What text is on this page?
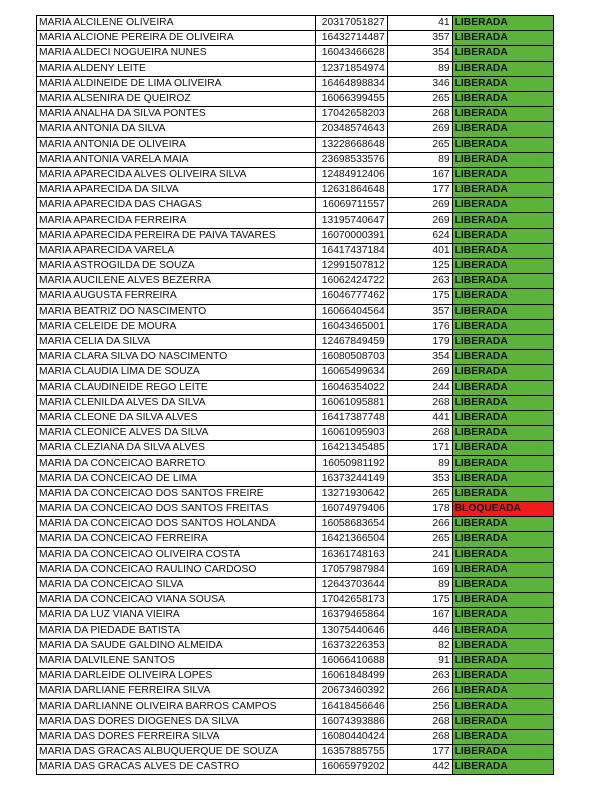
MARIA ALCILENE OLIVEIRA	20317051827	41	LIBERADA
MARIA ALCIONE PEREIRA DE OLIVEIRA	16432714487	357	LIBERADA
MARIA ALDECI NOGUEIRA NUNES	16043466628	354	LIBERADA
MARIA ALDENY LEITE	12371854974	89	LIBERADA
MARIA ALDINEIDE DE LIMA OLIVEIRA	16464898834	346	LIBERADA
MARIA ALSENIRA DE QUEIROZ	16066399455	265	LIBERADA
MARIA ANALHA DA SILVA PONTES	17042658203	268	LIBERADA
MARIA ANTONIA DA SILVA	20348574643	269	LIBERADA
MARIA ANTONIA DE OLIVEIRA	13228668648	265	LIBERADA
MARIA ANTONIA VARELA MAIA	23698533576	89	LIBERADA
MARIA APARECIDA ALVES OLIVEIRA SILVA	12484912406	167	LIBERADA
MARIA APARECIDA DA SILVA	12631864648	177	LIBERADA
MARIA APARECIDA DAS CHAGAS	16069711557	269	LIBERADA
MARIA APARECIDA FERREIRA	13195740647	269	LIBERADA
MARIA APARECIDA PEREIRA DE PAIVA TAVARES	16070000391	624	LIBERADA
MARIA APARECIDA VARELA	16417437184	401	LIBERADA
MARIA ASTROGILDA DE SOUZA	12991507812	125	LIBERADA
MARIA AUCILENE ALVES BEZERRA	16062424722	263	LIBERADA
MARIA AUGUSTA FERREIRA	16046777462	175	LIBERADA
MARIA BEATRIZ DO NASCIMENTO	16066404564	357	LIBERADA
MARIA CELEIDE DE MOURA	16043465001	176	LIBERADA
MARIA CELIA DA SILVA	12467849459	179	LIBERADA
MARIA CLARA SILVA DO NASCIMENTO	16080508703	354	LIBERADA
MARIA CLAUDIA LIMA DE SOUZA	16065499634	269	LIBERADA
MARIA CLAUDINEIDE REGO LEITE	16046354022	244	LIBERADA
MARIA CLENILDA ALVES DA SILVA	16061095881	268	LIBERADA
MARIA CLEONE DA SILVA ALVES	16417387748	441	LIBERADA
MARIA CLEONICE ALVES DA SILVA	16061095903	268	LIBERADA
MARIA CLEZIANA DA SILVA ALVES	16421345485	171	LIBERADA
MARIA DA CONCEICAO BARRETO	16050981192	89	LIBERADA
MARIA DA CONCEICAO DE LIMA	16373244149	353	LIBERADA
MARIA DA CONCEICAO DOS SANTOS FREIRE	13271930642	265	LIBERADA
MARIA DA CONCEICAO DOS SANTOS FREITAS	16074979406	178	BLOQUEADA
MARIA DA CONCEICAO DOS SANTOS HOLANDA	16058683654	266	LIBERADA
MARIA DA CONCEICAO FERREIRA	16421366504	265	LIBERADA
MARIA DA CONCEICAO OLIVEIRA COSTA	16361748163	241	LIBERADA
MARIA DA CONCEICAO RAULINO CARDOSO	17057987984	169	LIBERADA
MARIA DA CONCEICAO SILVA	12643703644	89	LIBERADA
MARIA DA CONCEICAO VIANA SOUSA	17042658173	175	LIBERADA
MARIA DA LUZ VIANA VIEIRA	16379465864	167	LIBERADA
MARIA DA PIEDADE BATISTA	13075440646	446	LIBERADA
MARIA DA SAUDE GALDINO ALMEIDA	16373226353	82	LIBERADA
MARIA DALVILENE SANTOS	16066410688	91	LIBERADA
MARIA DARLEIDE OLIVEIRA LOPES	16061848499	263	LIBERADA
MARIA DARLIANE FERREIRA SILVA	20673460392	266	LIBERADA
MARIA DARLIANNE OLIVEIRA BARROS CAMPOS	16418456646	256	LIBERADA
MARIA DAS DORES DIOGENES DA SILVA	16074393886	268	LIBERADA
MARIA DAS DORES FERREIRA SILVA	16080440424	268	LIBERADA
MARIA DAS GRACAS ALBUQUERQUE DE SOUZA	16357885755	177	LIBERADA
MARIA DAS GRACAS ALVES DE CASTRO	16065979202	442	LIBERADA
